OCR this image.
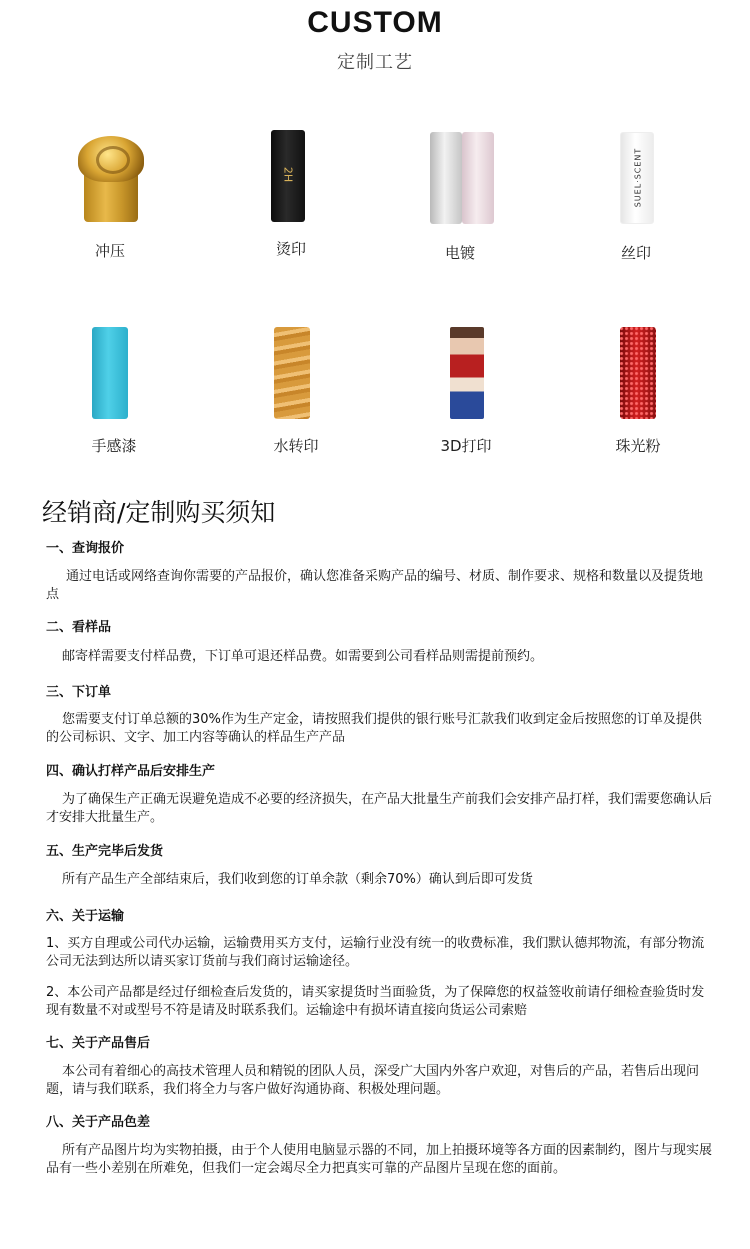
CUSTOM
定制工艺
冲压
2H
烫印	电镀
SUEL·SCENT
丝印
手感漆	水转印	3D打印	珠光粉
经销商/定制购买须知
一、查询报价
通过电话或网络查询你需要的产品报价，确认您准备采购产品的编号、材质、制作要求、规格和数量以及提货地点
二、看样品
邮寄样需要支付样品费，下订单可退还样品费。如需要到公司看样品则需提前预约。
三、下订单
您需要支付订单总额的30%作为生产定金，请按照我们提供的银行账号汇款我们收到定金后按照您的订单及提供的公司标识、文字、加工内容等确认的样品生产产品
四、确认打样产品后安排生产
为了确保生产正确无误避免造成不必要的经济损失，在产品大批量生产前我们会安排产品打样，我们需要您确认后才安排大批量生产。
五、生产完毕后发货
所有产品生产全部结束后，我们收到您的订单余款（剩余70%）确认到后即可发货
六、关于运输
1、买方自理或公司代办运输，运输费用买方支付，运输行业没有统一的收费标准，我们默认德邦物流，有部分物流公司无法到达所以请买家订货前与我们商讨运输途径。
2、本公司产品都是经过仔细检查后发货的，请买家提货时当面验货，为了保障您的权益签收前请仔细检查验货时发现有数量不对或型号不符是请及时联系我们。运输途中有损坏请直接向货运公司索赔
七、关于产品售后
本公司有着细心的高技术管理人员和精锐的团队人员，深受广大国内外客户欢迎，对售后的产品，若售后出现问题，请与我们联系，我们将全力与客户做好沟通协商、积极处理问题。
八、关于产品色差
所有产品图片均为实物拍摄，由于个人使用电脑显示器的不同，加上拍摄环境等各方面的因素制约，图片与现实展品有一些小差别在所难免，但我们一定会竭尽全力把真实可靠的产品图片呈现在您的面前。
